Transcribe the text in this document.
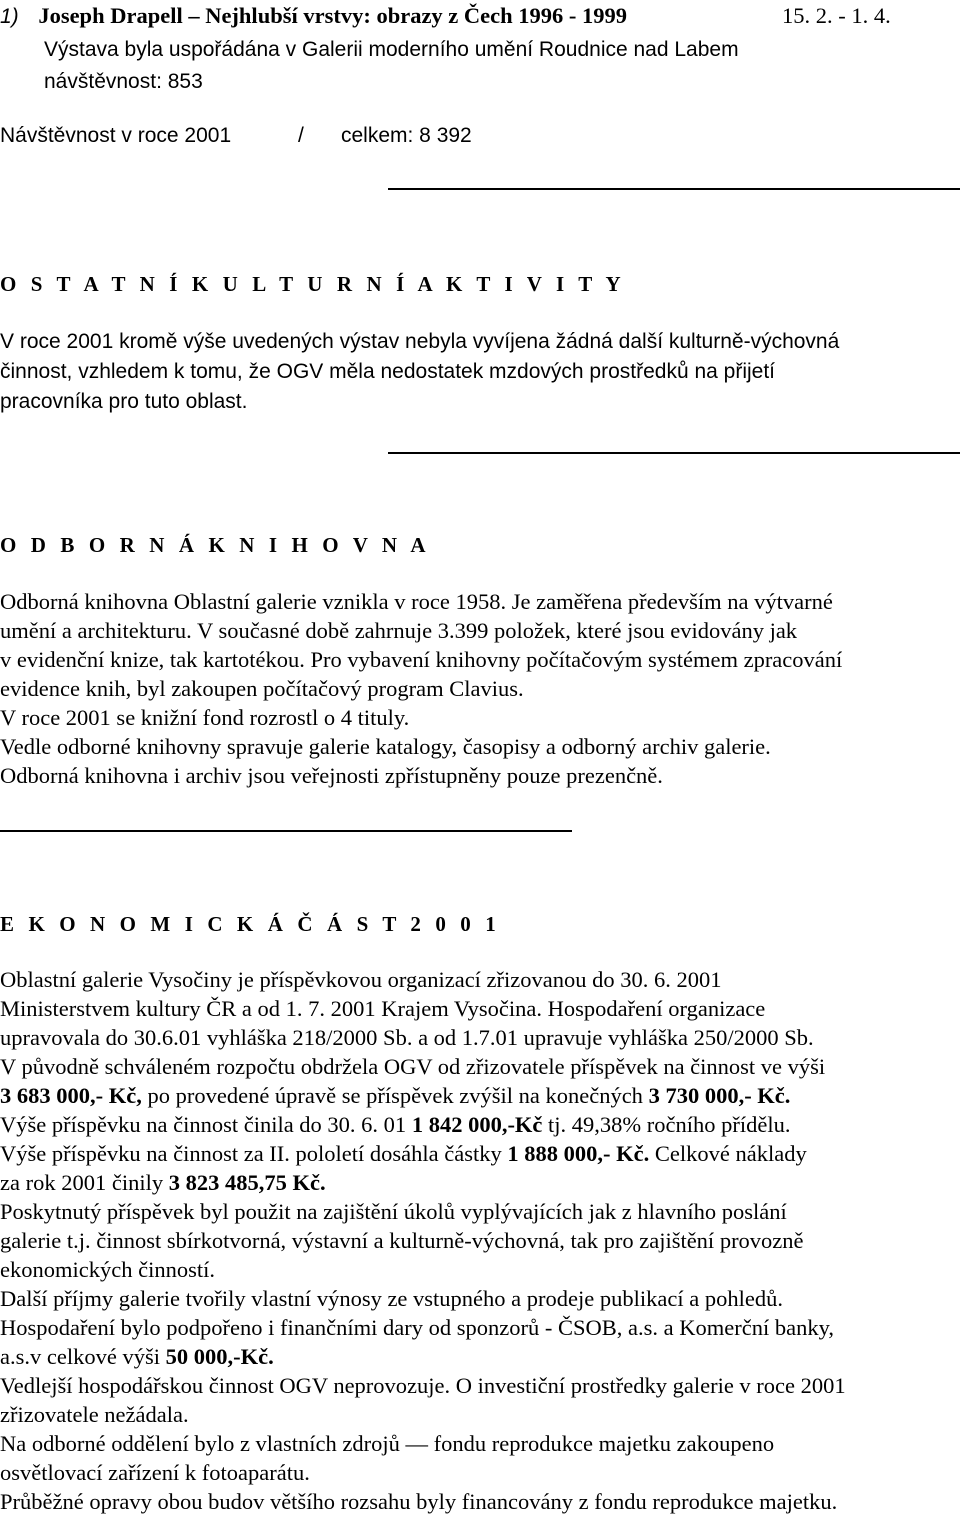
1) Joseph Drapell – Nejhlubší vrstvy: obrazy z Čech 1996 - 1999	15. 2. - 1. 4.
Výstava byla uspořádána v Galerii moderního umění Roudnice nad Labem
návštěvnost: 853
Návštěvnost v roce 2001	/ celkem: 8 392
O S T A T N Í K U L T U R N Í A K T I V I T Y
V roce 2001 kromě výše uvedených výstav nebyla vyvíjena žádná další kulturně-výchovná
činnost, vzhledem k tomu, že OGV měla nedostatek mzdových prostředků na přijetí
pracovníka pro tuto oblast.
O D B O R N Á K N I H O V N A
Odborná knihovna Oblastní galerie vznikla v roce 1958. Je zaměřena především na výtvarné
umění a architekturu. V současné době zahrnuje 3.399 položek, které jsou evidovány jak
v evidenční knize, tak kartotékou. Pro vybavení knihovny počítačovým systémem zpracování
evidence knih, byl zakoupen počítačový program Clavius.
V roce 2001 se knižní fond rozrostl o 4 tituly.
Vedle odborné knihovny spravuje galerie katalogy, časopisy a odborný archiv galerie.
Odborná knihovna i archiv jsou veřejnosti zpřístupněny pouze prezenčně.
E K O N O M I C K Á Č Á S T 2 0 0 1
Oblastní galerie Vysočiny je příspěvkovou organizací zřizovanou do 30. 6. 2001
Ministerstvem kultury ČR a od 1. 7. 2001 Krajem Vysočina. Hospodaření organizace
upravovala do 30.6.01 vyhláška 218/2000 Sb. a od 1.7.01 upravuje vyhláška 250/2000 Sb.
V původně schváleném rozpočtu obdržela OGV od zřizovatele příspěvek na činnost ve výši
3 683 000,- Kč, po provedené úpravě se příspěvek zvýšil na konečných 3 730 000,- Kč.
Výše příspěvku na činnost činila do 30. 6. 01 1 842 000,-Kč tj. 49,38% ročního přídělu.
Výše příspěvku na činnost za II. pololetí dosáhla částky 1 888 000,- Kč. Celkové náklady
za rok 2001 činily 3 823 485,75 Kč.
Poskytnutý příspěvek byl použit na zajištění úkolů vyplývajících jak z hlavního poslání
galerie t.j. činnost sbírkotvorná, výstavní a kulturně-výchovná, tak pro zajištění provozně
ekonomických činností.
Další příjmy galerie tvořily vlastní výnosy ze vstupného a prodeje publikací a pohledů.
Hospodaření bylo podpořeno i finančními dary od sponzorů - ČSOB, a.s. a Komerční banky,
a.s.v celkové výši 50 000,-Kč.
Vedlejší hospodářskou činnost OGV neprovozuje. O investiční prostředky galerie v roce 2001
zřizovatele nežádala.
Na odborné oddělení bylo z vlastních zdrojů — fondu reprodukce majetku zakoupeno
osvětlovací zařízení k fotoaparátu.
Průběžné opravy obou budov většího rozsahu byly financovány z fondu reprodukce majetku.
